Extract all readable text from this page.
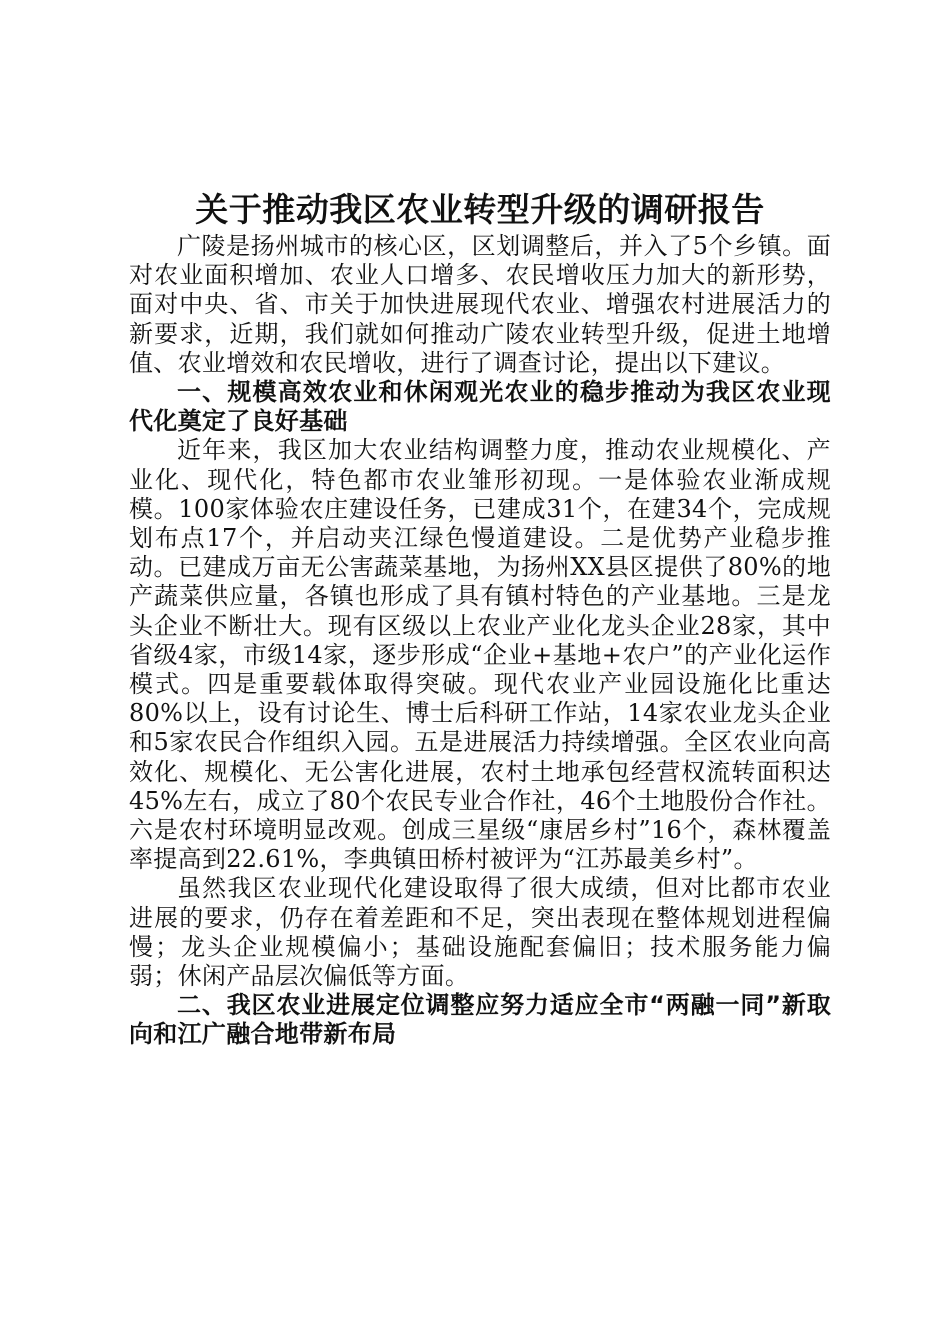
关于推动我区农业转型升级的调研报告

广陵是扬州城市的核心区，区划调整后，并入了5个乡镇。面对农业面积增加、农业人口增多、农民增收压力加大的新形势，面对中央、省、市关于加快进展现代农业、增强农村进展活力的新要求，近期，我们就如何推动广陵农业转型升级，促进土地增值、农业增效和农民增收，进行了调查讨论，提出以下建议。

一、规模高效农业和休闲观光农业的稳步推动为我区农业现代化奠定了良好基础

近年来，我区加大农业结构调整力度，推动农业规模化、产业化、现代化，特色都市农业雏形初现。一是体验农业渐成规模。100家体验农庄建设任务，已建成31个，在建34个，完成规划布点17个，并启动夹江绿色慢道建设。二是优势产业稳步推动。已建成万亩无公害蔬菜基地，为扬州XX县区提供了80%的地产蔬菜供应量，各镇也形成了具有镇村特色的产业基地。三是龙头企业不断壮大。现有区级以上农业产业化龙头企业28家，其中省级4家，市级14家，逐步形成“企业+基地+农户”的产业化运作模式。四是重要载体取得突破。现代农业产业园设施化比重达80%以上，设有讨论生、博士后科研工作站，14家农业龙头企业和5家农民合作组织入园。五是进展活力持续增强。全区农业向高效化、规模化、无公害化进展，农村土地承包经营权流转面积达45%左右，成立了80个农民专业合作社，46个土地股份合作社。六是农村环境明显改观。创成三星级“康居乡村”16个，森林覆盖率提高到22.61%，李典镇田桥村被评为“江苏最美乡村”。

虽然我区农业现代化建设取得了很大成绩，但对比都市农业进展的要求，仍存在着差距和不足，突出表现在整体规划进程偏慢；龙头企业规模偏小；基础设施配套偏旧；技术服务能力偏弱；休闲产品层次偏低等方面。

二、我区农业进展定位调整应努力适应全市“两融一同”新取向和江广融合地带新布局
